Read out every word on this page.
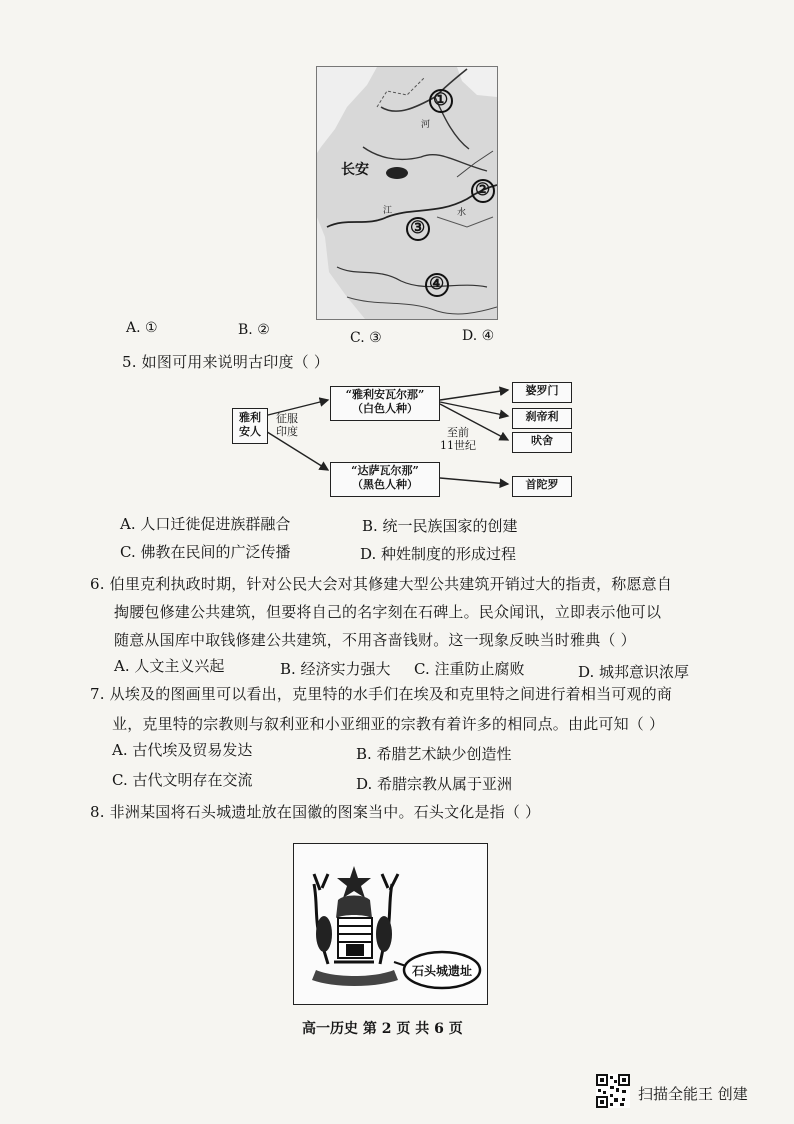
长安
①
②
③
④
河
江	水
A. ①	B. ②	C. ③	D. ④
5. 如图可用来说明古印度（ ）
雅利
安人
征服
印度
“雅利安瓦尔那”
（白色人种）
“达萨瓦尔那”
（黑色人种）
至前
11世纪
婆罗门
刹帝利
吠舍
首陀罗
A. 人口迁徙促进族群融合	B. 统一民族国家的创建
C. 佛教在民间的广泛传播	D. 种姓制度的形成过程
6. 伯里克利执政时期，针对公民大会对其修建大型公共建筑开销过大的指责，称愿意自
掏腰包修建公共建筑，但要将自己的名字刻在石碑上。民众闻讯，立即表示他可以
随意从国库中取钱修建公共建筑，不用吝啬钱财。这一现象反映当时雅典（ ）
A. 人文主义兴起	B. 经济实力强大 C. 注重防止腐败	D. 城邦意识浓厚
7. 从埃及的图画里可以看出，克里特的水手们在埃及和克里特之间进行着相当可观的商
业，克里特的宗教则与叙利亚和小亚细亚的宗教有着许多的相同点。由此可知（ ）
A. 古代埃及贸易发达	B. 希腊艺术缺少创造性
C. 古代文明存在交流	D. 希腊宗教从属于亚洲
8. 非洲某国将石头城遗址放在国徽的图案当中。石头文化是指（ ）
石头城遗址
高一历史 第 2 页 共 6 页
扫描全能王 创建
